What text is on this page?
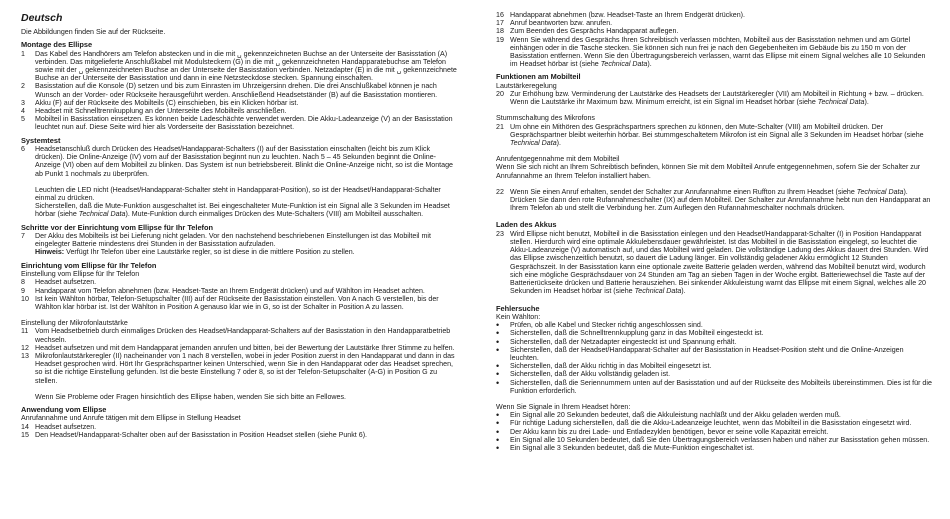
Deutsch

Die Abbildungen finden Sie auf der Rückseite.

Montage des Ellipse
1	Das Kabel des Handhörers am Telefon abstecken und in die mit ␣ gekennzeichneten Buchse an der Unterseite der Basisstation (A) verbinden. Das mitgelieferte Anschlußkabel mit Modulsteckern (G) in die mit ␣ gekennzeichneten Handapparatebuchse am Telefon sowie mit der ␣ gekennzeichneten Buchse an der Unterseite der Basisstation verbinden. Netzadapter (E) in die mit ␣ gekennzeichnete Buchse an der Unterseite der Basisstation und dann in eine Netzsteckdose stecken. Spannung einschalten.
2	Basisstation auf die Konsole (D) setzen und bis zum Einrasten im Uhrzeigersinn drehen. Die drei Anschlußkabel können je nach Wunsch an der Vorder- oder Rückseite herausgeführt werden. Anschließend Headsetständer (B) auf die Basisstation montieren.
3	Akku (F) auf der Rückseite des Mobilteils (C) einschieben, bis ein Klicken hörbar ist.
4	Headset mit Schnelltrennkupplung an der Unterseite des Mobilteils anschließen.
5	Mobilteil in Basisstation einsetzen. Es können beide Ladeschächte verwendet werden. Die Akku-Ladeanzeige (V) an der Basisstation leuchtet nun auf. Diese Seite wird hier als Vorderseite der Basisstation bezeichnet.
Systemtest
6	Headsetanschluß durch Drücken des Headset/Handapparat-Schalters (I) auf der Basisstation einschalten (leicht bis zum Klick drücken). Die Online-Anzeige (IV) vorn auf der Basisstation beginnt nun zu leuchten. Nach 5 – 45 Sekunden beginnt die Online-Anzeige (VI) oben auf dem Mobilteil zu blinken. Das System ist nun betriebsbereit. Blinkt die Online-Anzeige nicht, so ist die Montage ab Punkt 1 nochmals zu überprüfen.

Leuchten die LED nicht (Headset/Handapparat-Schalter steht in Handapparat-Position), so ist der Headset/Handapparat-Schalter einmal zu drücken.

Sicherstellen, daß die Mute-Funktion ausgeschaltet ist. Bei eingeschalteter Mute-Funktion ist ein Signal alle 3 Sekunden im Headset hörbar (siehe Technical Data). Mute-Funktion durch einmaliges Drücken des Mute-Schalters (VIII) am Mobilteil ausschalten.

Schritte vor der Einrichtung vom Ellipse für Ihr Telefon
7	Der Akku des Mobilteils ist bei Lieferung nicht geladen. Vor den nachstehend beschriebenen Einstellungen ist das Mobilteil mit eingelegter Batterie mindestens drei Stunden in der Basisstation aufzuladen.
Hinweis: Verfügt Ihr Telefon über eine Lautstärke regler, so ist diese in die mittlere Position zu stellen.
Einrichtung vom Ellipse für Ihr Telefon

Einstellung vom Ellipse für Ihr Telefon

8	Headset aufsetzen.
9	Handapparat vom Telefon abnehmen (bzw. Headset-Taste an Ihrem Endgerät drücken) und auf Wählton im Headset achten.
10 Ist kein Wählton hörbar, Telefon-Setupschalter (III) auf der Rückseite der Basisstation einstellen. Von A nach G verstellen, bis der Wählton klar hörbar ist. Ist der Wählton in Position A genauso klar wie in G, so ist der Schalter in Position A zu lassen.

Einstellung der Mikrofonlautstärke

11 Vom Headsetbetrieb durch einmaliges Drücken des Headset/Handapparat-Schalters auf der Basisstation in den Handapparatbetrieb wechseln.
12 Headset aufsetzen und mit dem Handapparat jemanden anrufen und bitten, bei der Bewertung der Lautstärke Ihrer Stimme zu helfen.
13 Mikrofonlautstärkeregler (II) nacheinander von 1 nach 8 verstellen, wobei in jeder Position zuerst in den Handapparat und dann in das Headset gesprochen wird. Hört Ihr Gesprächspartner keinen Unterschied, wenn Sie in den Handapparat oder das Headset sprechen, so ist die richtige Einstellung gefunden. Ist die beste Einstellung 7 oder 8, so ist der Telefon-Setupschalter (A-G) in Position G zu stellen.

Wenn Sie Probleme oder Fragen hinsichtlich des Ellipse haben, wenden Sie sich bitte an Fellowes.

Anwendung vom Ellipse

Anrufannahme und Anrufe tätigen mit dem Ellipse in Stellung Headset

14 Headset aufsetzen.
15 Den Headset/Handapparat-Schalter oben auf der Basisstation in Position Headset stellen (siehe Punkt 6).
16 Handapparat abnehmen (bzw. Headset-Taste an Ihrem Endgerät drücken).
17 Anruf beantworten bzw. anrufen.
18 Zum Beenden des Gesprächs Handapparat auflegen.
19 Wenn Sie während des Gesprächs Ihren Schreibtisch verlassen möchten, Mobilteil aus der Basisstation nehmen und am Gürtel einhängen oder in die Tasche stecken. Sie können sich nun frei je nach den Gegebenheiten im Gebäude bis zu 150 m von der Basisstation entfernen. Wenn Sie den Übertragungsbereich verlassen, warnt das Ellipse mit einem Signal welches alle 10 Sekunden im Headset hörbar ist (siehe Technical Data).
Funktionen am Mobilteil

Lautstärkeregelung

20 Zur Erhöhung bzw. Verminderung der Lautstärke des Headsets der Lautstärkeregler (VII) am Mobilteil in Richtung + bzw. – drücken. Wenn die Lautstärke ihr Maximum bzw. Minimum erreicht, ist ein Signal im Headset hörbar (siehe Technical Data).

Stummschaltung des Mikrofons

21 Um ohne ein Mithören des Gesprächspartners sprechen zu können, den Mute-Schalter (VIII) am Mobilteil drücken. Der Gesprächspartner bleibt weiterhin hörbar. Bei stummgeschaltetem Mikrofon ist ein Signal alle 3 Sekunden im Headset hörbar (siehe Technical Data).

Anrufentgegennahme mit dem Mobilteil

Wenn Sie sich nicht an Ihrem Schreibtisch befinden, können Sie mit dem Mobilteil Anrufe entgegennehmen, sofern Sie der Schalter zur Anrufannahme an Ihrem Telefon installiert haben.

22 Wenn Sie einen Anruf erhalten, sendet der Schalter zur Anrufannahme einen Ruffton zu Ihrem Headset (siehe Technical Data). Drücken Sie dann den rote Rufannahmeschalter (IX) auf dem Mobilteil. Der Schalter zur Anrufannahme hebt nun den Handapparat an Ihrem Telefon ab und stellt die Verbindung her. Zum Auflegen den Rufannahmeschalter nochmals drücken.
Laden des Akkus
23 Wird Ellipse nicht benutzt, Mobilteil in die Basisstation einlegen und den Headset/Handapparat-Schalter (I) in Position Handapparat stellen. Hierdurch wird eine optimale Akkulebensdauer gewährleistet. Ist das Mobilteil in die Basisstation eingelegt, so leuchtet die Akku-Ladeanzeige (V) automatisch auf, und das Mobilteil wird geladen. Die vollständige Ladung des Akkus dauert drei Stunden. Wird das Ellipse zwischenzeitlich benutzt, so dauert die Ladung länger. Ein vollständig geladener Akku ermöglicht 12 Stunden Gesprächszeit. In der Basisstation kann eine optionale zweite Batterie geladen werden, während das Mobilteil benutzt wird, wodurch sich eine mögliche Gesprächsdauer von 24 Stunden am Tag an sieben Tagen in der Woche ergibt. Batteriewechsel die Taste auf der Batterierückseite drücken und Batterie herausziehen. Bei sinkender Akkuleistung warnt das Ellipse mit einem Signal, welches alle 20 Sekunden im Headset hörbar ist (siehe Technical Data).
Fehlersuche

Kein Wählton:

•	Prüfen, ob alle Kabel und Stecker richtig angeschlossen sind.
•	Sicherstellen, daß die Schnelltrennkupplung ganz in das Mobilteil eingesteckt ist.
•	Sicherstellen, daß der Netzadapter eingesteckt ist und Spannung erhält.
•	Sicherstellen, daß der Headset/Handapparat-Schalter auf der Basisstation in Headset-Position steht und die Online-Anzeigen leuchten.
•	Sicherstellen, daß der Akku richtig in das Mobilteil eingesetzt ist.
•	Sicherstellen, daß der Akku vollständig geladen ist.
•	Sicherstellen, daß die Seriennummern unten auf der Basisstation und auf der Rückseite des Mobilteils übereinstimmen. Dies ist für die Funktion erforderlich.

Wenn Sie Signale in Ihrem Headset hören:

•	Ein Signal alle 20 Sekunden bedeutet, daß die Akkuleistung nachläßt und der Akku geladen werden muß.
•	Für richtige Ladung sicherstellen, daß die die Akku-Ladeanzeige leuchtet, wenn das Mobilteil in die Basisstation eingesetzt wird.
•	Der Akku kann bis zu drei Lade- und Entladezyklen benötigen, bevor er seine volle Kapazität erreicht.
•	Ein Signal alle 10 Sekunden bedeutet, daß Sie den Übertragungsbereich verlassen haben und näher zur Basisstation gehen müssen.
•	Ein Signal alle 3 Sekunden bedeutet, daß die Mute-Funktion eingeschaltet ist.
